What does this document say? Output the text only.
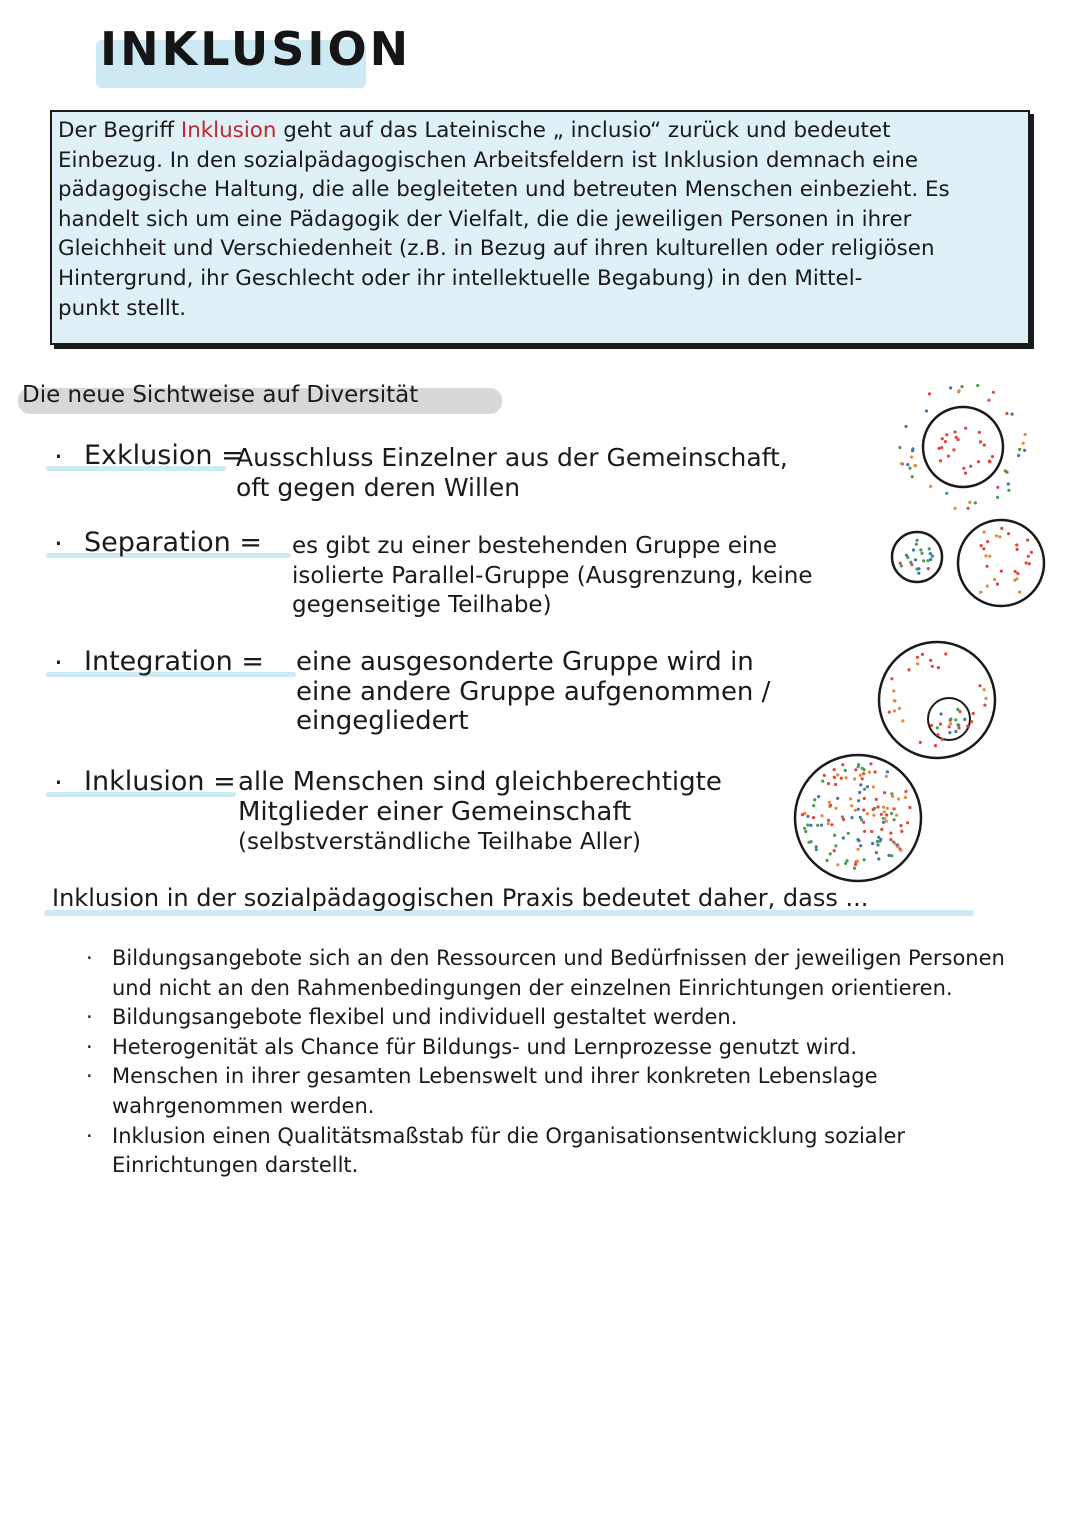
INKLUSION
Der Begriff Inklusion geht auf das Lateinische „ inclusio“ zurück und bedeutet
Einbezug. In den sozialpädagogischen Arbeitsfeldern ist Inklusion demnach eine
pädagogische Haltung, die alle begleiteten und betreuten Menschen einbezieht. Es
handelt sich um eine Pädagogik der Vielfalt, die die jeweiligen Personen in ihrer
Gleichheit und Verschiedenheit (z.B. in Bezug auf ihren kulturellen oder religiösen
Hintergrund, ihr Geschlecht oder ihr intellektuelle Begabung) in den Mittel-
punkt stellt.
Die neue Sichtweise auf Diversität
· Exklusion =
Ausschluss Einzelner aus der Gemeinschaft,
oft gegen deren Willen
· Separation = es gibt zu einer bestehenden Gruppe eine
isolierte Parallel-Gruppe (Ausgrenzung, keine
gegenseitige Teilhabe)
· Integration = eine ausgesonderte Gruppe wird in
eine andere Gruppe aufgenommen /
eingegliedert
· Inklusion = alle Menschen sind gleichberechtigte
Mitglieder einer Gemeinschaft
(selbstverständliche Teilhabe Aller)
Inklusion in der sozialpädagogischen Praxis bedeutet daher, dass ...
· Bildungsangebote sich an den Ressourcen und Bedürfnissen der jeweiligen Personen und nicht an den Rahmenbedingungen der einzelnen Einrichtungen orientieren.
· Bildungsangebote flexibel und individuell gestaltet werden.
· Heterogenität als Chance für Bildungs- und Lernprozesse genutzt wird.
· Menschen in ihrer gesamten Lebenswelt und ihrer konkreten Lebenslage wahrgenommen werden.
· Inklusion einen Qualitätsmaßstab für die Organisationsentwicklung sozialer Einrichtungen darstellt.
